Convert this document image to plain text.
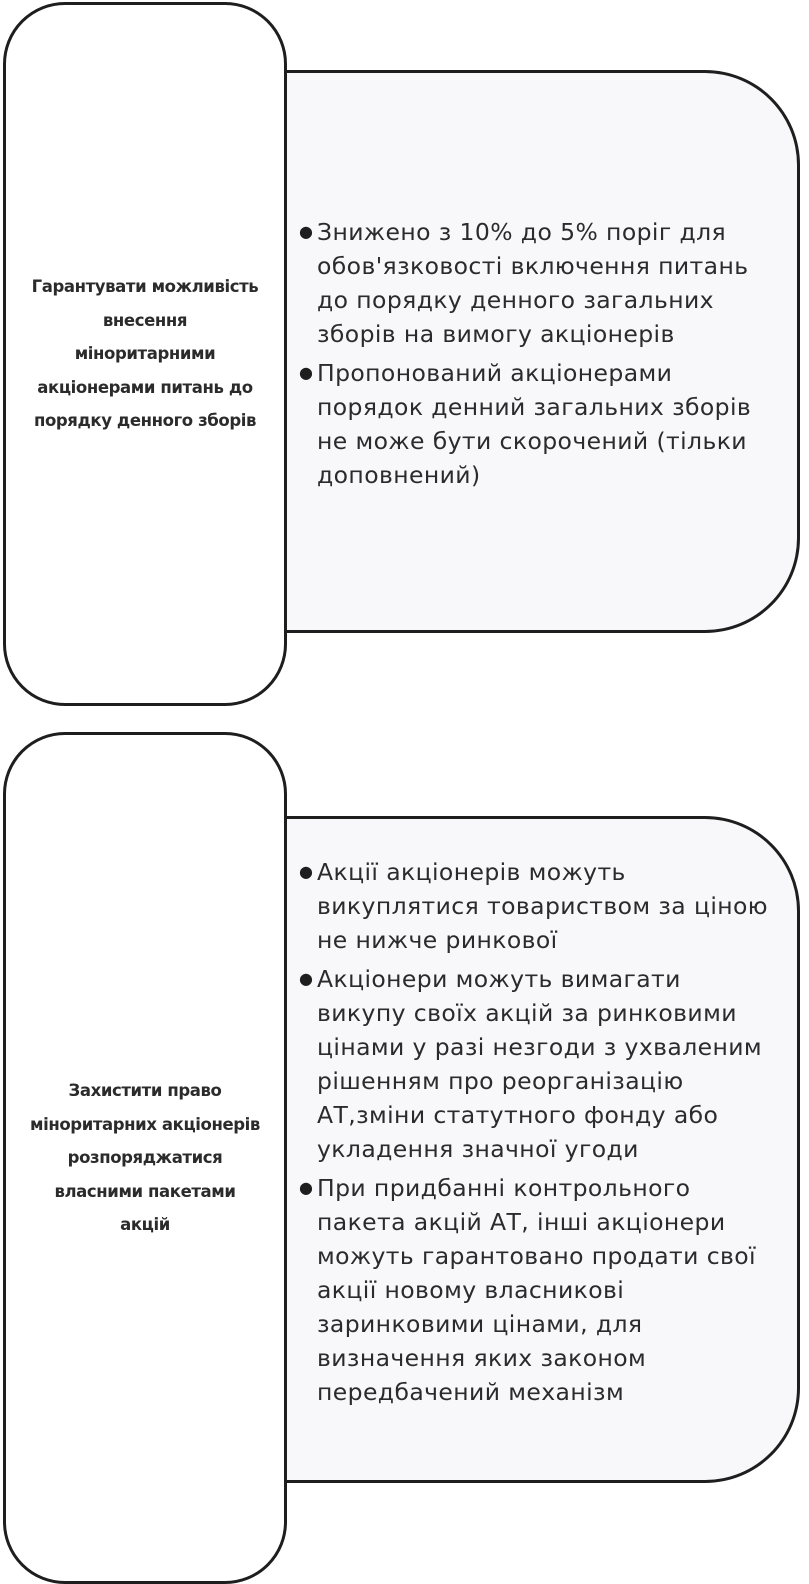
Гарантувати можливість внесення міноритарними акціонерами питань до порядку денного зборів
● Знижено з 10% до 5% поріг для обов'язковості включення питань до порядку денного загальних зборів на вимогу акціонерів
● Пропонований акціонерами порядок денний загальних зборів не може бути скорочений (тільки доповнений)
Захистити право міноритарних акціонерів розпоряджатися власними пакетами акцій
● Акції акціонерів можуть викуплятися товариством за ціною не нижче ринкової
● Акціонери можуть вимагати викупу своїх акцій за ринковими цінами у разі незгоди з ухваленим рішенням про реорганізацію АТ,зміни статутного фонду або укладення значної угоди
● При придбанні контрольного пакета акцій АТ, інші акціонери можуть гарантовано продати свої акції новому власникові заринковими цінами, для визначення яких законом передбачений механізм
